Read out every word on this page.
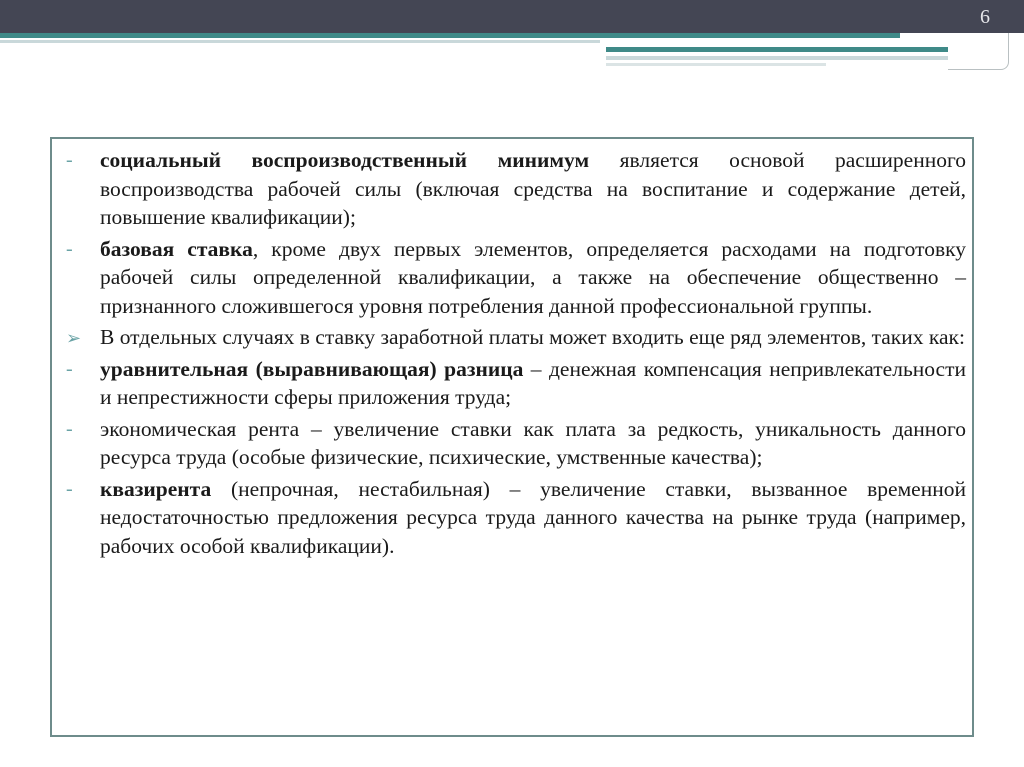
6
- социальный воспроизводственный минимум является основой расширенного воспроизводства рабочей силы (включая средства на воспитание и содержание детей, повышение квалификации);
- базовая ставка, кроме двух первых элементов, определяется расходами на подготовку рабочей силы определенной квалификации, а также на обеспечение общественно – признанного сложившегося уровня потребления данной профессиональной группы.
➢ В отдельных случаях в ставку заработной платы может входить еще ряд элементов, таких как:
- уравнительная (выравнивающая) разница – денежная компенсация непривлекательности и непрестижности сферы приложения труда;
- экономическая рента – увеличение ставки как плата за редкость, уникальность данного ресурса труда (особые физические, психические, умственные качества);
- квазирента (непрочная, нестабильная) – увеличение ставки, вызванное временной недостаточностью предложения ресурса труда данного качества на рынке труда (например, рабочих особой квалификации).
